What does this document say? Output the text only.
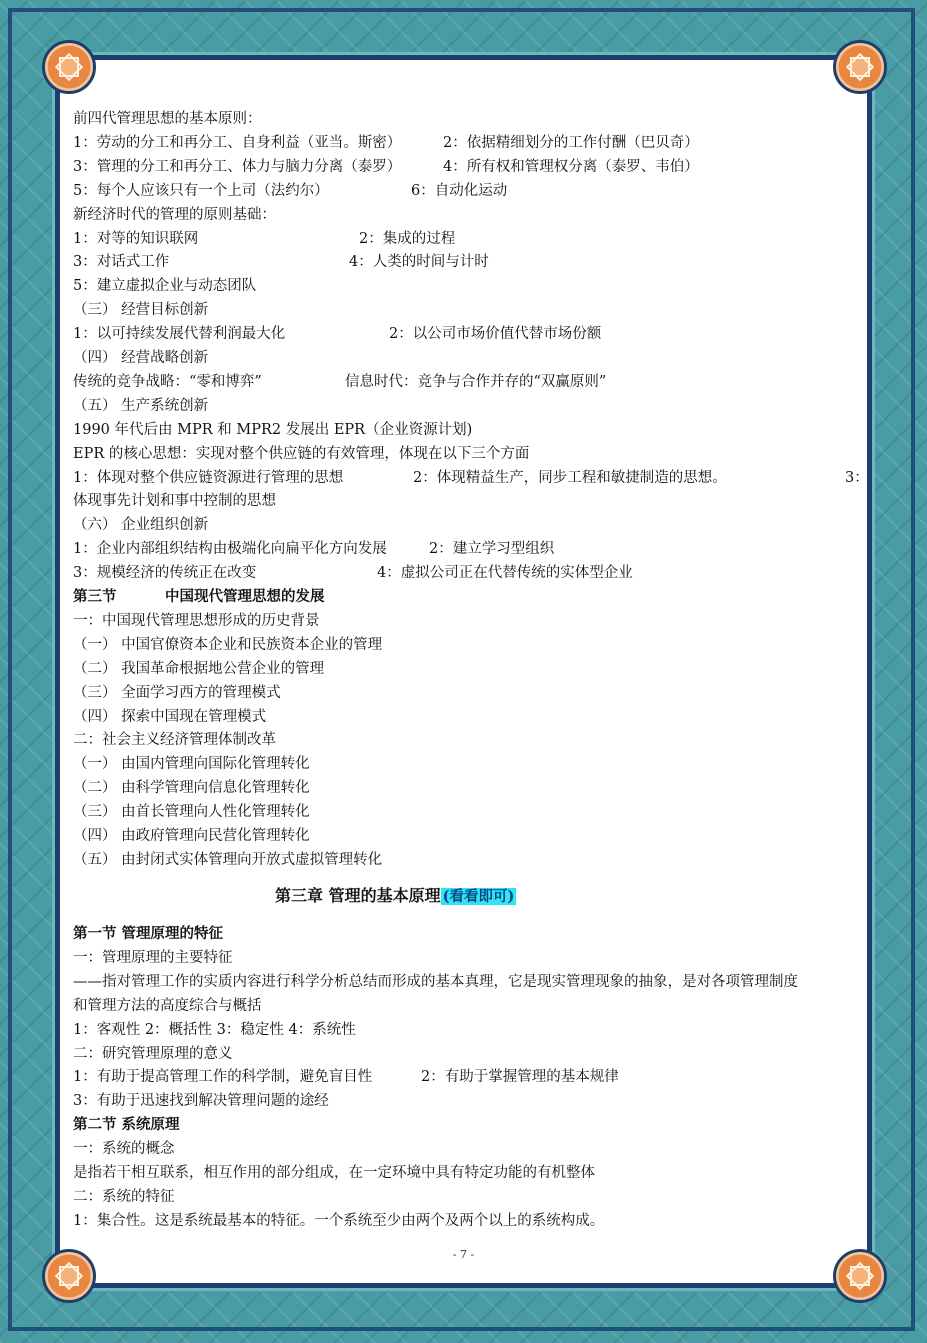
第三章 管理的基本原理 (看看即可)
前四代管理思想的基本原则：
1：劳动的分工和再分工、自身利益（亚当。斯密）	2：依据精细划分的工作付酬（巴贝奇）
3：管理的分工和再分工、体力与脑力分离（泰罗）	4：所有权和管理权分离（泰罗、韦伯）
5：每个人应该只有一个上司（法约尔）	6：自动化运动
新经济时代的管理的原则基础：
1：对等的知识联网	2：集成的过程
3：对话式工作	4：人类的时间与计时
5：建立虚拟企业与动态团队
（三） 经营目标创新
1：以可持续发展代替利润最大化	2：以公司市场价值代替市场份额
（四） 经营战略创新
传统的竞争战略：“零和博弈”	信息时代：竞争与合作并存的“双赢原则”
（五） 生产系统创新
1990 年代后由 MPR 和 MPR2 发展出 EPR（企业资源计划)
EPR 的核心思想：实现对整个供应链的有效管理，体现在以下三个方面
1：体现对整个供应链资源进行管理的思想	2：体现精益生产，同步工程和敏捷制造的思想。	3：
体现事先计划和事中控制的思想
（六） 企业组织创新
1：企业内部组织结构由极端化向扁平化方向发展	2：建立学习型组织
3：规模经济的传统正在改变	4：虚拟公司正在代替传统的实体型企业
第三节	中国现代管理思想的发展
一：中国现代管理思想形成的历史背景
（一） 中国官僚资本企业和民族资本企业的管理
（二） 我国革命根据地公营企业的管理
（三） 全面学习西方的管理模式
（四） 探索中国现在管理模式
二：社会主义经济管理体制改革
（一） 由国内管理向国际化管理转化
（二） 由科学管理向信息化管理转化
（三） 由首长管理向人性化管理转化
（四） 由政府管理向民营化管理转化
（五） 由封闭式实体管理向开放式虚拟管理转化
第一节 管理原理的特征
一：管理原理的主要特征
——指对管理工作的实质内容进行科学分析总结而形成的基本真理，它是现实管理现象的抽象，是对各项管理制度
和管理方法的高度综合与概括
1：客观性 2：概括性 3：稳定性 4：系统性
二：研究管理原理的意义
1：有助于提高管理工作的科学制，避免盲目性	2：有助于掌握管理的基本规律
3：有助于迅速找到解决管理问题的途经
第二节 系统原理
一：系统的概念
是指若干相互联系，相互作用的部分组成，在一定环境中具有特定功能的有机整体
二：系统的特征
1：集合性。这是系统最基本的特征。一个系统至少由两个及两个以上的系统构成。
- 7 -
